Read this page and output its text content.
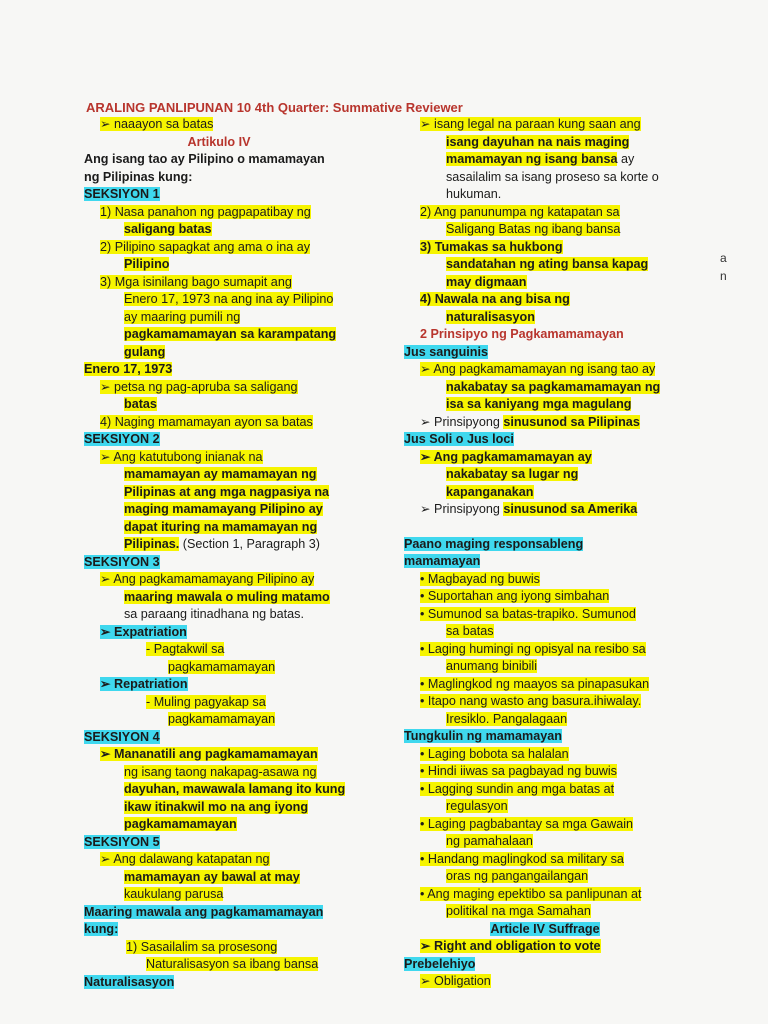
ARALING PANLIPUNAN 10 4th Quarter: Summative Reviewer
➢ naaayon sa batas
Artikulo IV
Ang isang tao ay Pilipino o mamamayan
ng Pilipinas kung:
SEKSIYON 1
1) Nasa panahon ng pagpapatibay ng
saligang batas
2) Pilipino sapagkat ang ama o ina ay
Pilipino
3) Mga isinilang bago sumapit ang
Enero 17, 1973 na ang ina ay Pilipino
ay maaring pumili ng
pagkamamamayan sa karampatang
gulang
Enero 17, 1973
➢ petsa ng pag-apruba sa saligang
batas
4) Naging mamamayan ayon sa batas
SEKSIYON 2
➢ Ang katutubong inianak na
mamamayan ay mamamayan ng
Pilipinas at ang mga nagpasiya na
maging mamamayang Pilipino ay
dapat ituring na mamamayan ng
Pilipinas. (Section 1, Paragraph 3)
SEKSIYON 3
➢ Ang pagkamamamayang Pilipino ay
maaring mawala o muling matamo
sa paraang itinadhana ng batas.
➢ Expatriation
- Pagtakwil sa
pagkamamamayan
➢ Repatriation
- Muling pagyakap sa
pagkamamamayan
SEKSIYON 4
➢ Mananatili ang pagkamamamayan
ng isang taong nakapag-asawa ng
dayuhan, mawawala lamang ito kung
ikaw itinakwil mo na ang iyong
pagkamamamayan
SEKSIYON 5
➢ Ang dalawang katapatan ng
mamamayan ay bawal at may
kaukulang parusa
Maaring mawala ang pagkamamamayan
kung:
1) Sasailalim sa prosesong
Naturalisasyon sa ibang bansa
Naturalisasyon
➢ isang legal na paraan kung saan ang
isang dayuhan na nais maging
mamamayan ng isang bansa ay
sasailalim sa isang proseso sa korte o
hukuman.
2) Ang panunumpa ng katapatan sa
Saligang Batas ng ibang bansa
3) Tumakas sa hukbong
sandatahan ng ating bansa kapag
may digmaan
4) Nawala na ang bisa ng
naturalisasyon
2 Prinsipyo ng Pagkamamamayan
Jus sanguinis
➢ Ang pagkamamamayan ng isang tao ay
nakabatay sa pagkamamamayan ng
isa sa kaniyang mga magulang
➢ Prinsipyong sinusunod sa Pilipinas
Jus Soli o Jus loci
➢ Ang pagkamamamayan ay
nakabatay sa lugar ng
kapanganakan
➢ Prinsipyong sinusunod sa Amerika
Paano maging responsableng
mamamayan
• Magbayad ng buwis
• Suportahan ang iyong simbahan
• Sumunod sa batas-trapiko. Sumunod
sa batas
• Laging humingi ng opisyal na resibo sa
anumang binibili
• Maglingkod ng maayos sa pinapasukan
• Itapo nang wasto ang basura.ihiwalay.
Iresiklo. Pangalagaan
Tungkulin ng mamamayan
• Laging bobota sa halalan
• Hindi iiwas sa pagbayad ng buwis
• Lagging sundin ang mga batas at
regulasyon
• Laging pagbabantay sa mga Gawain
ng pamahalaan
• Handang maglingkod sa military sa
oras ng pangangailangan
• Ang maging epektibo sa panlipunan at
politikal na mga Samahan
Article IV Suffrage
➢ Right and obligation to vote
Prebelehiyo
➢ Obligation
a
n
